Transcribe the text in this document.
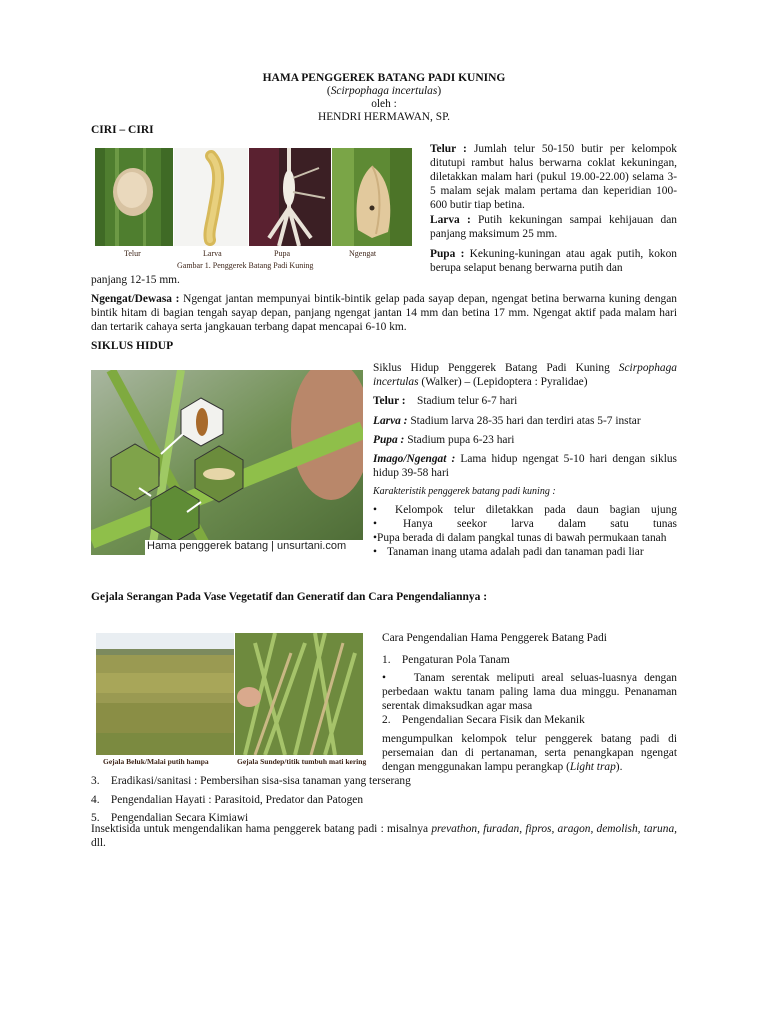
HAMA PENGGEREK BATANG PADI KUNING
(Scirpophaga incertulas)
oleh :
HENDRI HERMAWAN, SP.
CIRI – CIRI
Telur	Larva	Pupa	Ngengat
Gambar 1. Penggerek Batang Padi Kuning
Telur : Jumlah telur 50-150 butir per kelompok ditutupi rambut halus berwarna coklat kekuningan, diletakkan malam hari (pukul 19.00-22.00) selama 3-5 malam sejak malam pertama dan keperidian 100-600 butir tiap betina.
Larva : Putih kekuningan sampai kehijauan dan panjang maksimum 25 mm.
Pupa : Kekuning-kuningan atau agak putih, kokon berupa selaput benang berwarna putih dan
panjang 12-15 mm.
Ngengat/Dewasa : Ngengat jantan mempunyai bintik-bintik gelap pada sayap depan, ngengat betina berwarna kuning dengan bintik hitam di bagian tengah sayap depan, panjang ngengat jantan 14 mm dan betina 17 mm. Ngengat aktif pada malam hari dan tertarik cahaya serta jangkauan terbang dapat mencapai 6-10 km.
SIKLUS HIDUP
Hama penggerek batang | unsurtani.com
Siklus Hidup Penggerek Batang Padi Kuning Scirpophaga incertulas (Walker) – (Lepidoptera : Pyralidae)
Telur : Stadium telur 6-7 hari
Larva : Stadium larva 28-35 hari dan terdiri atas 5-7 instar
Pupa : Stadium pupa 6-23 hari
Imago/Ngengat : Lama hidup ngengat 5-10 hari dengan siklus hidup 39-58 hari
Karakteristik penggerek batang padi kuning :
•	Kelompok telur diletakkan pada daun bagian ujung
•	Hanya seekor larva dalam satu tunas
•Pupa berada di dalam pangkal tunas di bawah permukaan tanah
• Tanaman inang utama adalah padi dan tanaman padi liar
Gejala Serangan Pada Vase Vegetatif dan Generatif dan Cara Pengendaliannya :
Gejala Beluk/Malai putih hampa	Gejala Sundep/titik tumbuh mati kering
Cara Pengendalian Hama Penggerek Batang Padi
1.    Pengaturan Pola Tanam
•    Tanam serentak meliputi areal seluas-luasnya dengan perbedaan waktu tanam paling lama dua minggu. Penanaman serentak dimaksudkan agar masa
2.    Pengendalian Secara Fisik dan Mekanik
mengumpulkan kelompok telur penggerek batang padi di persemaian dan di pertanaman, serta penangkapan ngengat dengan menggunakan lampu perangkap (Light trap).
3.    Eradikasi/sanitasi : Pembersihan sisa-sisa tanaman yang terserang
4.    Pengendalian Hayati : Parasitoid, Predator dan Patogen
5.    Pengendalian Secara Kimiawi
Insektisida untuk mengendalikan hama penggerek batang padi : misalnya prevathon, furadan, fipros, aragon, demolish, taruna, dll.
